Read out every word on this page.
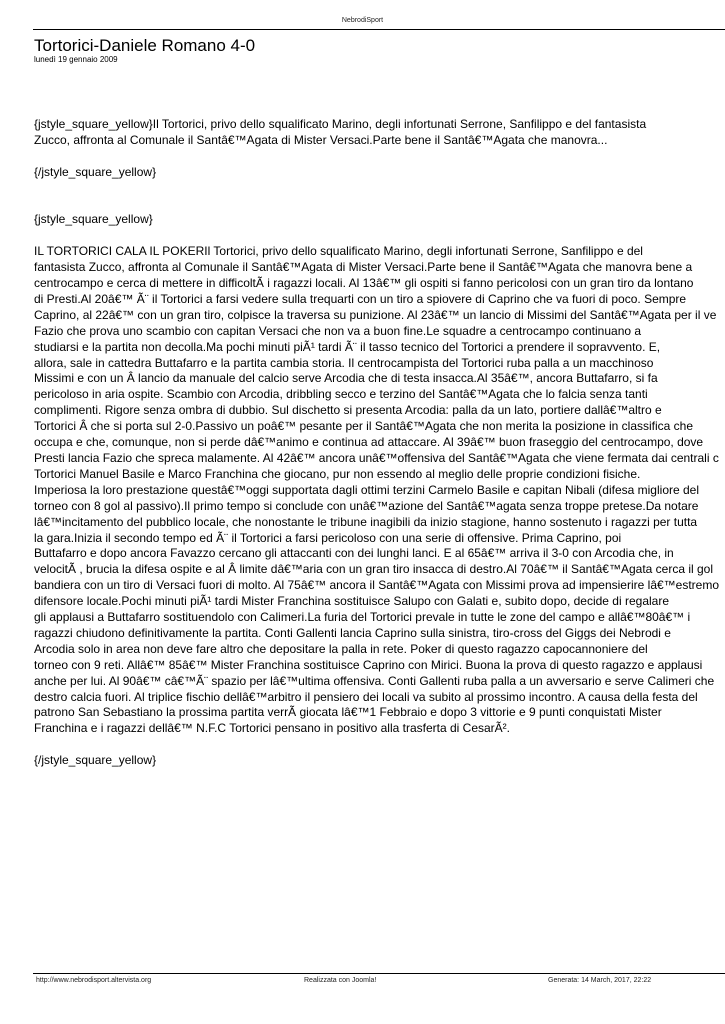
NebrodiSport
Tortorici-Daniele Romano 4-0
lunedì 19 gennaio 2009

{jstyle_square_yellow}Il Tortorici, privo dello squalificato Marino, degli infortunati Serrone, Sanfilippo e del fantasista

Zucco, affronta al Comunale il Santâ€™Agata di Mister Versaci.Parte bene il Santâ€™Agata che manovra...

{/jstyle_square_yellow}

{jstyle_square_yellow}

IL TORTORICI CALA IL POKERIl Tortorici, privo dello squalificato Marino, degli infortunati Serrone, Sanfilippo e del

fantasista Zucco, affronta al Comunale il Santâ€™Agata di Mister Versaci.Parte bene il Santâ€™Agata che manovra bene a

centrocampo e cerca di mettere in difficoltÃ i ragazzi locali. Al 13â€™ gli ospiti si fanno pericolosi con un gran tiro da lontano

di Presti.Al 20â€™ Ã¨ il Tortorici a farsi vedere sulla trequarti con un tiro a spiovere di Caprino che va fuori di poco. Sempre

Caprino, al 22â€™ con un gran tiro, colpisce la traversa su punizione. Al 23â€™ un lancio di Missimi del Santâ€™Agata per il ve

Fazio che prova uno scambio con capitan Versaci che non va a buon fine.Le squadre a centrocampo continuano a

studiarsi e la partita non decolla.Ma pochi minuti piÃ¹ tardi Ã¨ il tasso tecnico del Tortorici a prendere il sopravvento. E,

allora, sale in cattedra Buttafarro e la partita cambia storia. Il centrocampista del Tortorici ruba palla a un macchinoso

Missimi e con un Â lancio da manuale del calcio serve Arcodia che di testa insacca.Al 35â€™, ancora Buttafarro, si fa

pericoloso in aria ospite. Scambio con Arcodia, dribbling secco e terzino del Santâ€™Agata che lo falcia senza tanti

complimenti. Rigore senza ombra di dubbio. Sul dischetto si presenta Arcodia: palla da un lato, portiere dallâ€™altro e

Tortorici Â che si porta sul 2-0.Passivo un poâ€™ pesante per il Santâ€™Agata che non merita la posizione in classifica che

occupa e che, comunque, non si perde dâ€™animo e continua ad attaccare. Al 39â€™ buon fraseggio del centrocampo, dove

Presti lancia Fazio che spreca malamente. Al 42â€™ ancora unâ€™offensiva del Santâ€™Agata che viene fermata dai centrali c

Tortorici Manuel Basile e Marco Franchina che giocano, pur non essendo al meglio delle proprie condizioni fisiche.

Imperiosa la loro prestazione questâ€™oggi supportata dagli ottimi terzini Carmelo Basile e capitan Nibali (difesa migliore del

torneo con 8 gol al passivo).Il primo tempo si conclude con unâ€™azione del Santâ€™agata senza troppe pretese.Da notare

lâ€™incitamento del pubblico locale, che nonostante le tribune inagibili da inizio stagione, hanno sostenuto i ragazzi per tutta

la gara.Inizia il secondo tempo ed Ã¨ il Tortorici a farsi pericoloso con una serie di offensive. Prima Caprino, poi

Buttafarro e dopo ancora Favazzo cercano gli attaccanti con dei lunghi lanci. E al 65â€™ arriva il 3-0 con Arcodia che, in

velocitÃ , brucia la difesa ospite e al Â limite dâ€™aria con un gran tiro insacca di destro.Al 70â€™ il Santâ€™Agata cerca il gol

bandiera con un tiro di Versaci fuori di molto. Al 75â€™ ancora il Santâ€™Agata con Missimi prova ad impensierire lâ€™estremo

difensore locale.Pochi minuti piÃ¹ tardi Mister Franchina sostituisce Salupo con Galati e, subito dopo, decide di regalare

gli applausi a Buttafarro sostituendolo con Calimeri.La furia del Tortorici prevale in tutte le zone del campo e allâ€™80â€™ i

ragazzi chiudono definitivamente la partita. Conti Gallenti lancia Caprino sulla sinistra, tiro-cross del Giggs dei Nebrodi e

Arcodia solo in area non deve fare altro che depositare la palla in rete. Poker di questo ragazzo capocannoniere del

torneo con 9 reti. Allâ€™ 85â€™ Mister Franchina sostituisce Caprino con Mirici. Buona la prova di questo ragazzo e applausi

anche per lui. Al 90â€™ câ€™Ã¨ spazio per lâ€™ultima offensiva. Conti Gallenti ruba palla a un avversario e serve Calimeri che

destro calcia fuori. Al triplice fischio dellâ€™arbitro il pensiero dei locali va subito al prossimo incontro. A causa della festa del

patrono San Sebastiano la prossima partita verrÃ giocata lâ€™1 Febbraio e dopo 3 vittorie e 9 punti conquistati Mister

Franchina e i ragazzi dellâ€™ N.F.C Tortorici pensano in positivo alla trasferta di CesarÃ².

{/jstyle_square_yellow}

http://www.nebrodisport.altervista.org	Realizzata con Joomla!	Generata: 14 March, 2017, 22:22
